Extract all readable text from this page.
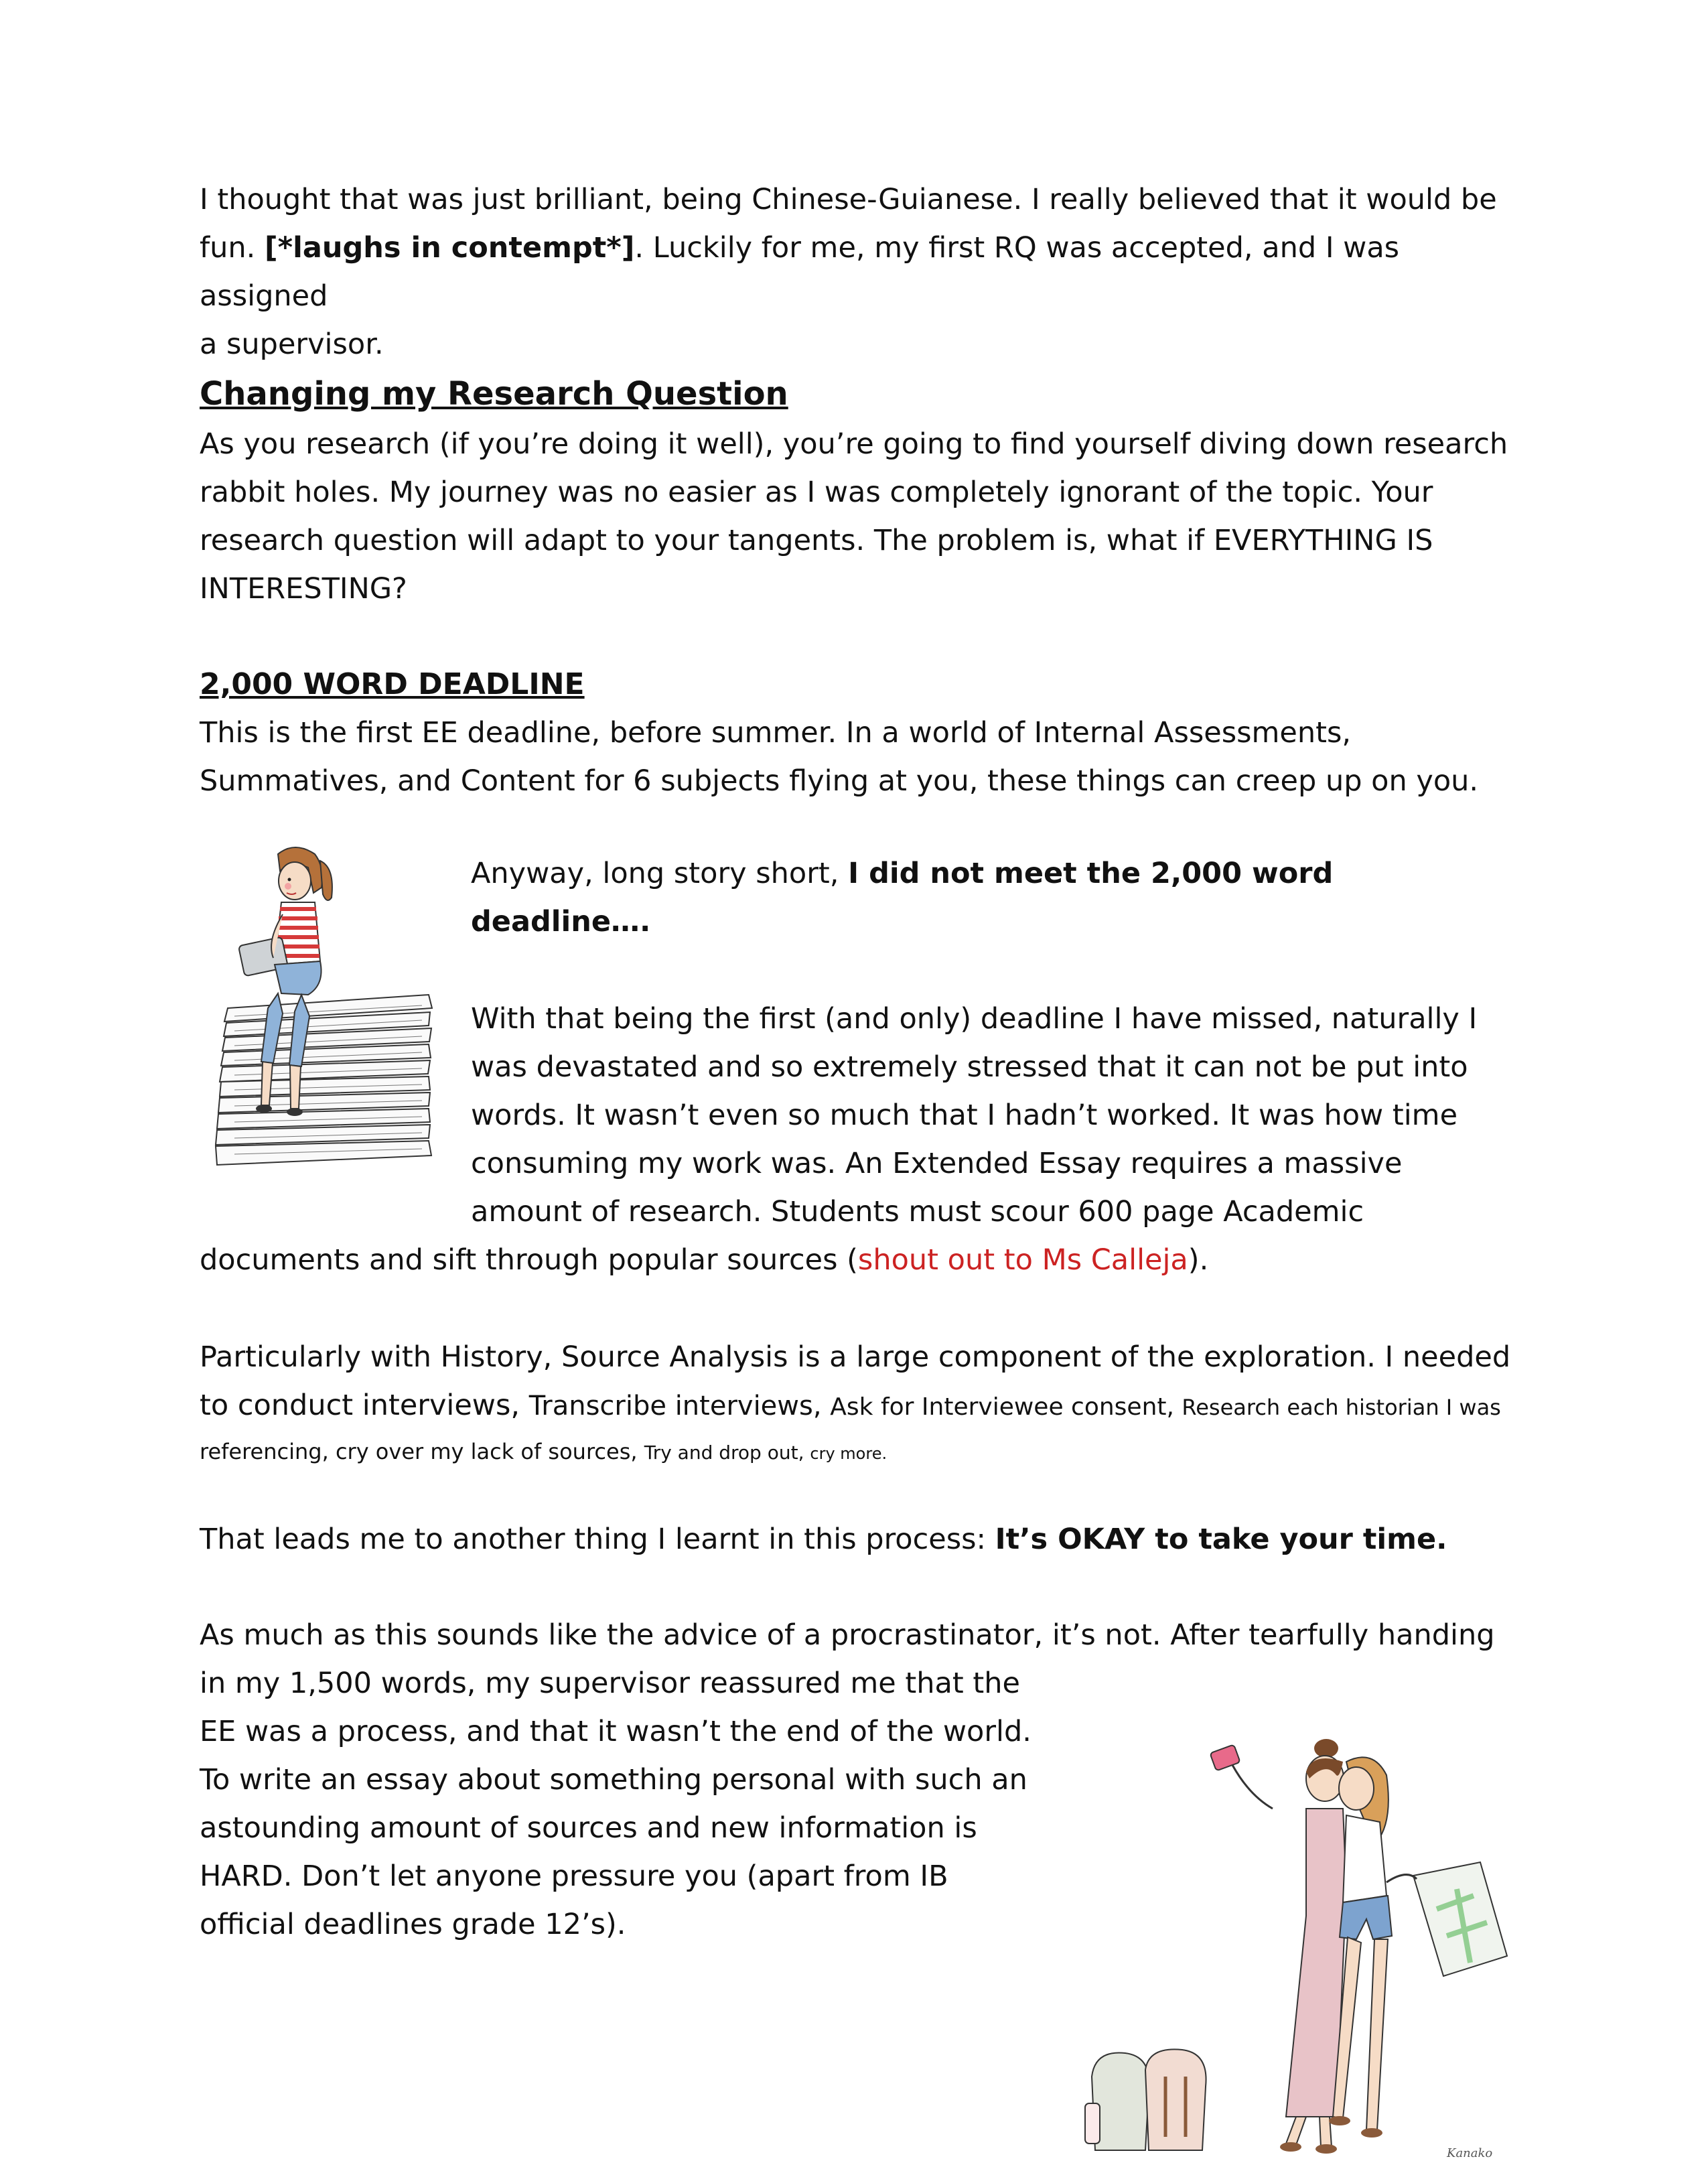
I thought that was just brilliant, being Chinese-Guianese. I really believed that it would be
fun. [*laughs in contempt*]. Luckily for me, my first RQ was accepted, and I was assigned
a supervisor.
Changing my Research Question
As you research (if you’re doing it well), you’re going to find yourself diving down research
rabbit holes. My journey was no easier as I was completely ignorant of the topic. Your
research question will adapt to your tangents. The problem is, what if EVERYTHING IS
INTERESTING?
2,000 WORD DEADLINE
This is the first EE deadline, before summer. In a world of Internal Assessments,
Summatives, and Content for 6 subjects flying at you, these things can creep up on you.
Anyway, long story short, I did not meet the 2,000 word deadline….
With that being the first (and only) deadline I have missed, naturally I
was devastated and so extremely stressed that it can not be put into
words. It wasn’t even so much that I hadn’t worked. It was how time
consuming my work was. An Extended Essay requires a massive
amount of research. Students must scour 600 page Academic
documents and sift through popular sources (shout out to Ms Calleja).
Particularly with History, Source Analysis is a large component of the exploration. I needed
to conduct interviews, Transcribe interviews, Ask for Interviewee consent, Research each historian I was
referencing, cry over my lack of sources, Try and drop out, cry more.
That leads me to another thing I learnt in this process: It’s OKAY to take your time.
As much as this sounds like the advice of a procrastinator, it’s not. After tearfully handing
in my 1,500 words, my supervisor reassured me that the
EE was a process, and that it wasn’t the end of the world.
To write an essay about something personal with such an
astounding amount of sources and new information is
HARD. Don’t let anyone pressure you (apart from IB
official deadlines grade 12’s).
Kanako
